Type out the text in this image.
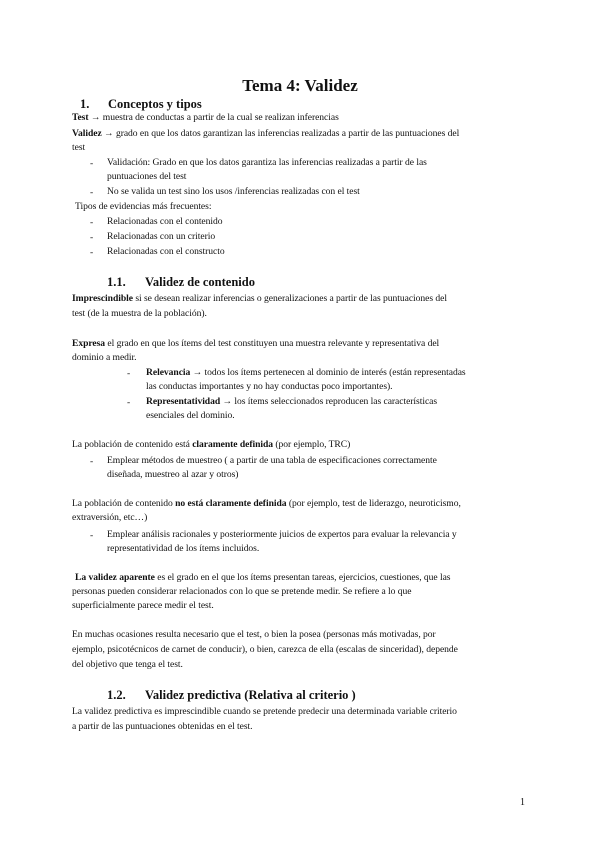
Tema 4: Validez
1. Conceptos y tipos
Test → muestra de conductas a partir de la cual se realizan inferencias
Validez → grado en que los datos garantizan las inferencias realizadas a partir de las puntuaciones del
test
- Validación: Grado en que los datos garantiza las inferencias realizadas a partir de las
puntuaciones del test
- No se valida un test sino los usos /inferencias realizadas con el test
Tipos de evidencias más frecuentes:
- Relacionadas con el contenido
- Relacionadas con un criterio
- Relacionadas con el constructo
1.1. Validez de contenido
Imprescindible si se desean realizar inferencias o generalizaciones a partir de las puntuaciones del
test (de la muestra de la población).
Expresa el grado en que los ítems del test constituyen una muestra relevante y representativa del
dominio a medir.
- Relevancia → todos los ítems pertenecen al dominio de interés (están representadas
las conductas importantes y no hay conductas poco importantes).
- Representatividad → los ítems seleccionados reproducen las características
esenciales del dominio.
La población de contenido está claramente definida (por ejemplo, TRC)
- Emplear métodos de muestreo ( a partir de una tabla de especificaciones correctamente
diseñada, muestreo al azar y otros)
La población de contenido no está claramente definida (por ejemplo, test de liderazgo, neuroticismo,
extraversión, etc…)
- Emplear análisis racionales y posteriormente juicios de expertos para evaluar la relevancia y
representatividad de los ítems incluidos.
La validez aparente es el grado en el que los ítems presentan tareas, ejercicios, cuestiones, que las
personas pueden considerar relacionados con lo que se pretende medir. Se refiere a lo que
superficialmente parece medir el test.
En muchas ocasiones resulta necesario que el test, o bien la posea (personas más motivadas, por
ejemplo, psicotécnicos de carnet de conducir), o bien, carezca de ella (escalas de sinceridad), depende
del objetivo que tenga el test.
1.2. Validez predictiva (Relativa al criterio )
La validez predictiva es imprescindible cuando se pretende predecir una determinada variable criterio
a partir de las puntuaciones obtenidas en el test.
1
